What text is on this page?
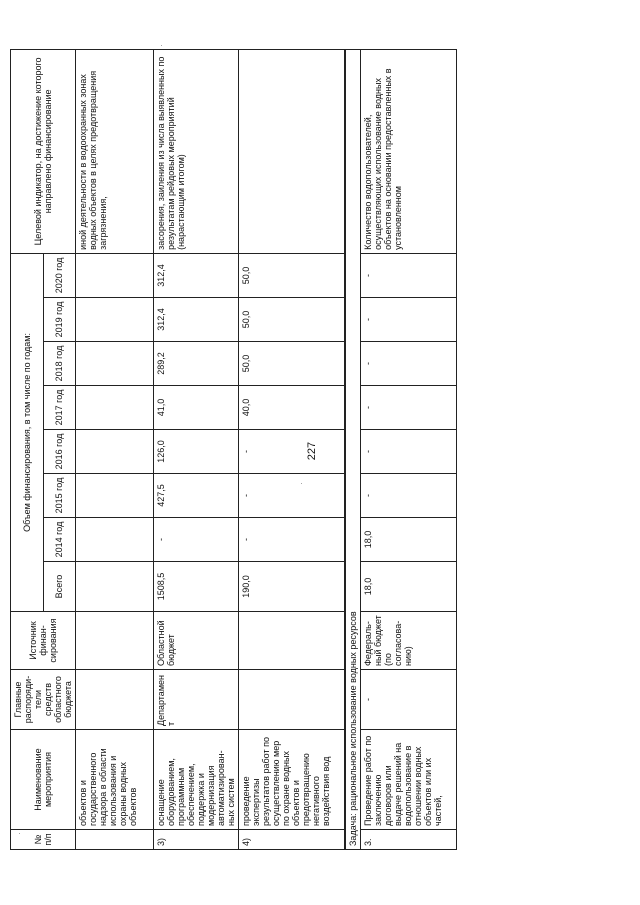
227
·
·
·
№ п/п	Наименование мероприятия	Главные распоряди- тели средств областного бюджета	Источник финан- сирования	Объем финансирования, в том числе по годам:								Целевой индикатор, на достижение которого направлено финансирование
				Всего	2014 год	2015 год	2016 год	2017 год	2018 год	2019 год	2020 год	
	объектов и государственного надзора в области использования и охраны водных объектов											иной деятельности в водоохранных зонах водных объектов в целях предотвращения загрязнения,
3)	оснащение оборудованием, программным обеспечением, поддержка и модернизация автоматизирован- ных систем	Департамент	Областной бюджет	1508,5	-	427,5	126,0	41,0	289,2	312,4	312,4	засорения, заиления из числа выявленных по результатам рейдовых мероприятий (нарастающим итогом)
4)	проведение экспертизы результатов работ по осуществлению мер по охране водных объектов и предотвращению негативного воздействия вод			190,0	-	-	-	40,0	50,0	50,0	50,0	
Задача: рациональное использование водных ресурсов												
3.	Проведение работ по заключению договоров или выдаче решений на водопользование в отношении водных объектов или их частей,	-	Федераль- ный бюджет (по согласова- нию)	18,0	18,0	-	-	-	-	-	-	Количество водопользователей, осуществляющих использование водных объектов на основании предоставленных в установленном
